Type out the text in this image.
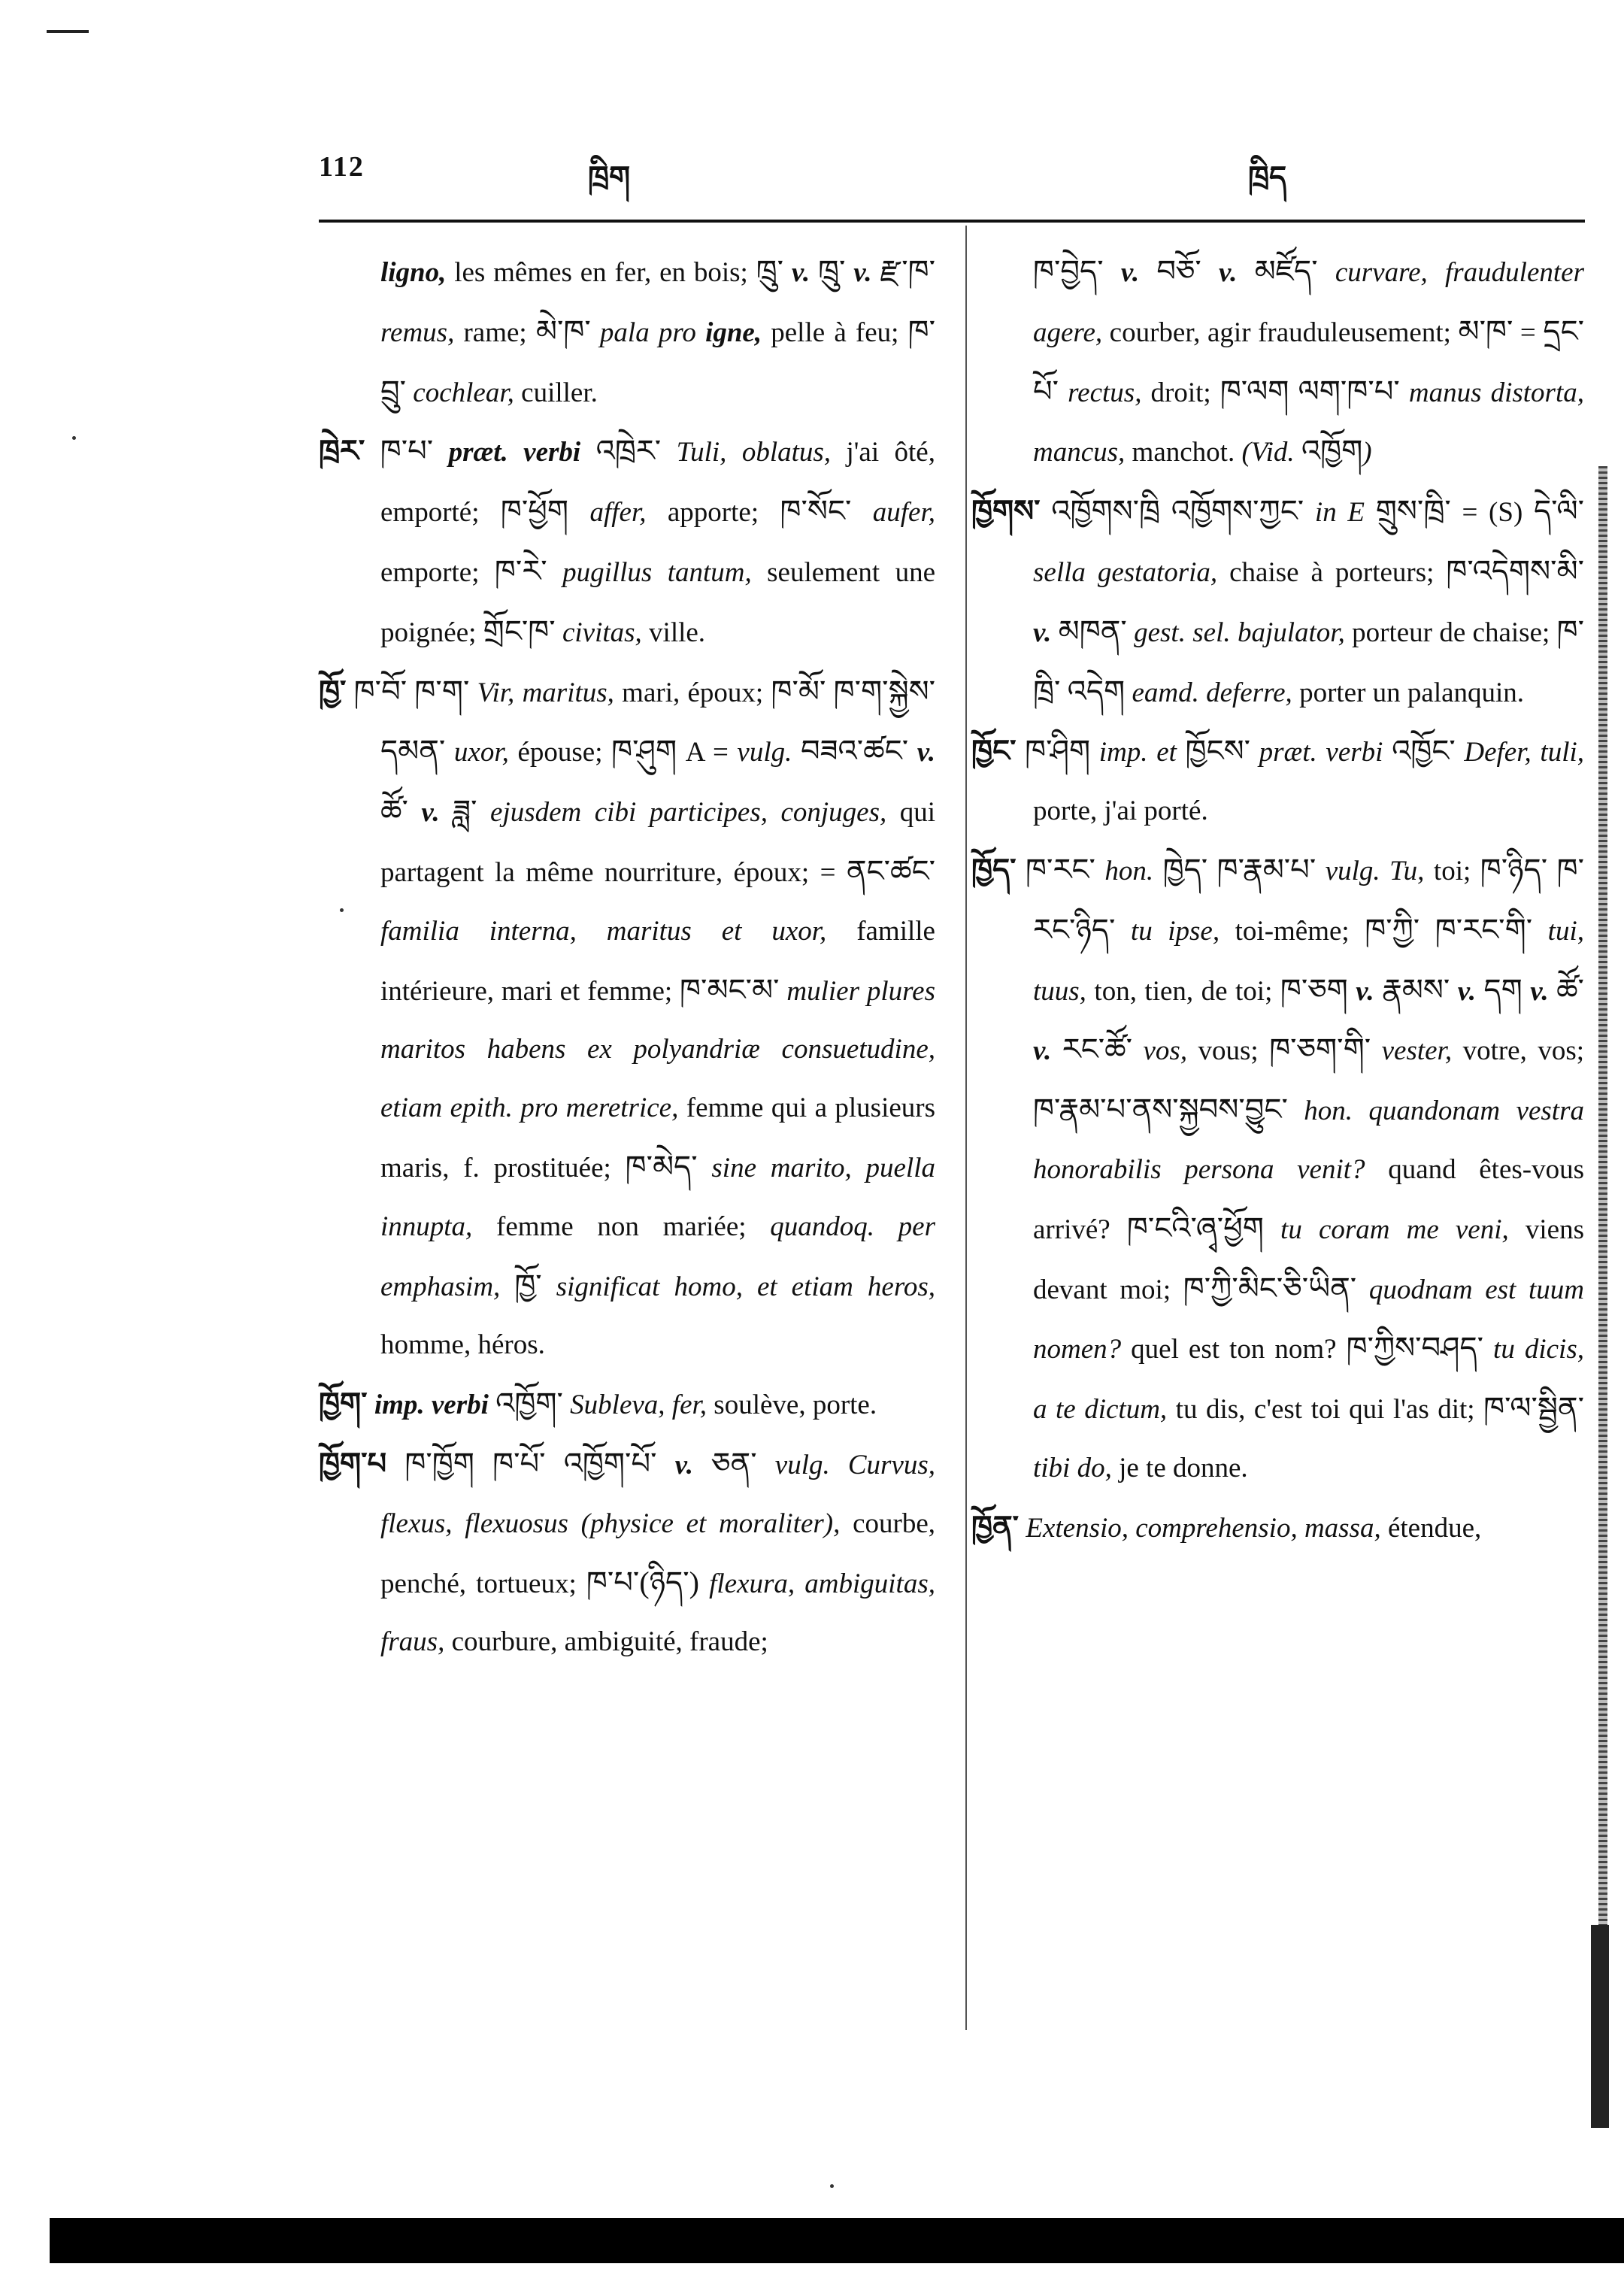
112	ཁྲིག	ཁྲིད

ligno, les mêmes en fer, en bois; ཁྲུ་ v. ཁྲུ་ v. རྫ་ཁ་ remus, rame; མེ་ཁ་ pala pro igne, pelle à feu; ཁ་བྲུ་ cochlear, cuiller.

ཁྲེར་ ཁ་པ་ præt. verbi འཁྲེར་ Tuli, oblatus, j'ai ôté, emporté; ཁ་ཕྱོག affer, apporte; ཁ་སོང་ aufer, emporte; ཁ་རེ་ pugillus tantum, seulement une poignée; གྲོང་ཁ་ civitas, ville.

ཁྱོ་ ཁ་བོ་ ཁ་ག་ Vir, maritus, mari, époux; ཁ་མོ་ ཁ་ག་སྐྱེས་དམན་ uxor, épouse; ཁ་ཤུག A = vulg. བཟའ་ཚང་ v. ཚོ་ v. ཟླ་ ejusdem cibi participes, conjuges, qui partagent la même nourriture, époux; = ནང་ཚང་ familia interna, maritus et uxor, famille intérieure, mari et femme; ཁ་མང་མ་ mulier plures maritos habens ex polyandriæ consuetudine, etiam epith. pro meretrice, femme qui a plusieurs maris, f. prostituée; ཁ་མེད་ sine marito, puella innupta, femme non mariée; quandoq. per emphasim, ཁྱོ་ significat homo, et etiam heros, homme, héros.

ཁྱོག་ imp. verbi འཁྱོག་ Subleva, fer, soulève, porte.

ཁྱོག་པ ཁ་ཁྱོག ཁ་པོ་ འཁྱོག་པོ་ v. ཅན་ vulg. Curvus, flexus, flexuosus (physice et moraliter), courbe, penché, tortueux; ཁ་པ་(ཉིད་) flexura, ambiguitas, fraus, courbure, ambiguité, fraude;

ཁ་བྱེད་ v. བཅོ་ v. མཛོད་ curvare, fraudulenter agere, courber, agir frauduleusement; མ་ཁ་ = དྲང་པོ་ rectus, droit; ཁ་ལག ལག་ཁ་པ་ manus distorta, mancus, manchot. (Vid. འཁྱོག)

ཁྱོགས་ འཁྱོགས་ཁྲི འཁྱོགས་ཀྱང་ in E གྲུས་ཁྲི་ = (S) དེ་ལི་ sella gestatoria, chaise à porteurs; ཁ་འདེགས་མི་ v. མཁན་ gest. sel. bajulator, porteur de chaise; ཁ་ཁྲི་ འདེག eamd. deferre, porter un palanquin.

ཁྱོང་ ཁ་ཤིག imp. et ཁྱོངས་ præt. verbi འཁྱོང་ Defer, tuli, porte, j'ai porté.

ཁྱོད་ ཁ་རང་ hon. ཁྱེད་ ཁ་རྣམ་པ་ vulg. Tu, toi; ཁ་ཉིད་ ཁ་རང་ཉིད་ tu ipse, toi-même; ཁ་ཀྱི་ ཁ་རང་གི་ tui, tuus, ton, tien, de toi; ཁ་ཅག v. རྣམས་ v. དག v. ཚོ་ v. རང་ཚོ་ vos, vous; ཁ་ཅག་གི་ vester, votre, vos; ཁ་རྣམ་པ་ནས་སྐྱབས་བྱུང་ hon. quandonam vestra honorabilis persona venit? quand êtes-vous arrivé? ཁ་ངའི་ཞྭ་ཕྱོག tu coram me veni, viens devant moi; ཁ་ཀྱི་མིང་ཅི་ཡིན་ quodnam est tuum nomen? quel est ton nom? ཁ་ཀྱིས་བཤད་ tu dicis, a te dictum, tu dis, c'est toi qui l'as dit; ཁ་ལ་སྦྱིན་ tibi do, je te donne.

ཁྱོན་ Extensio, comprehensio, massa, étendue,
